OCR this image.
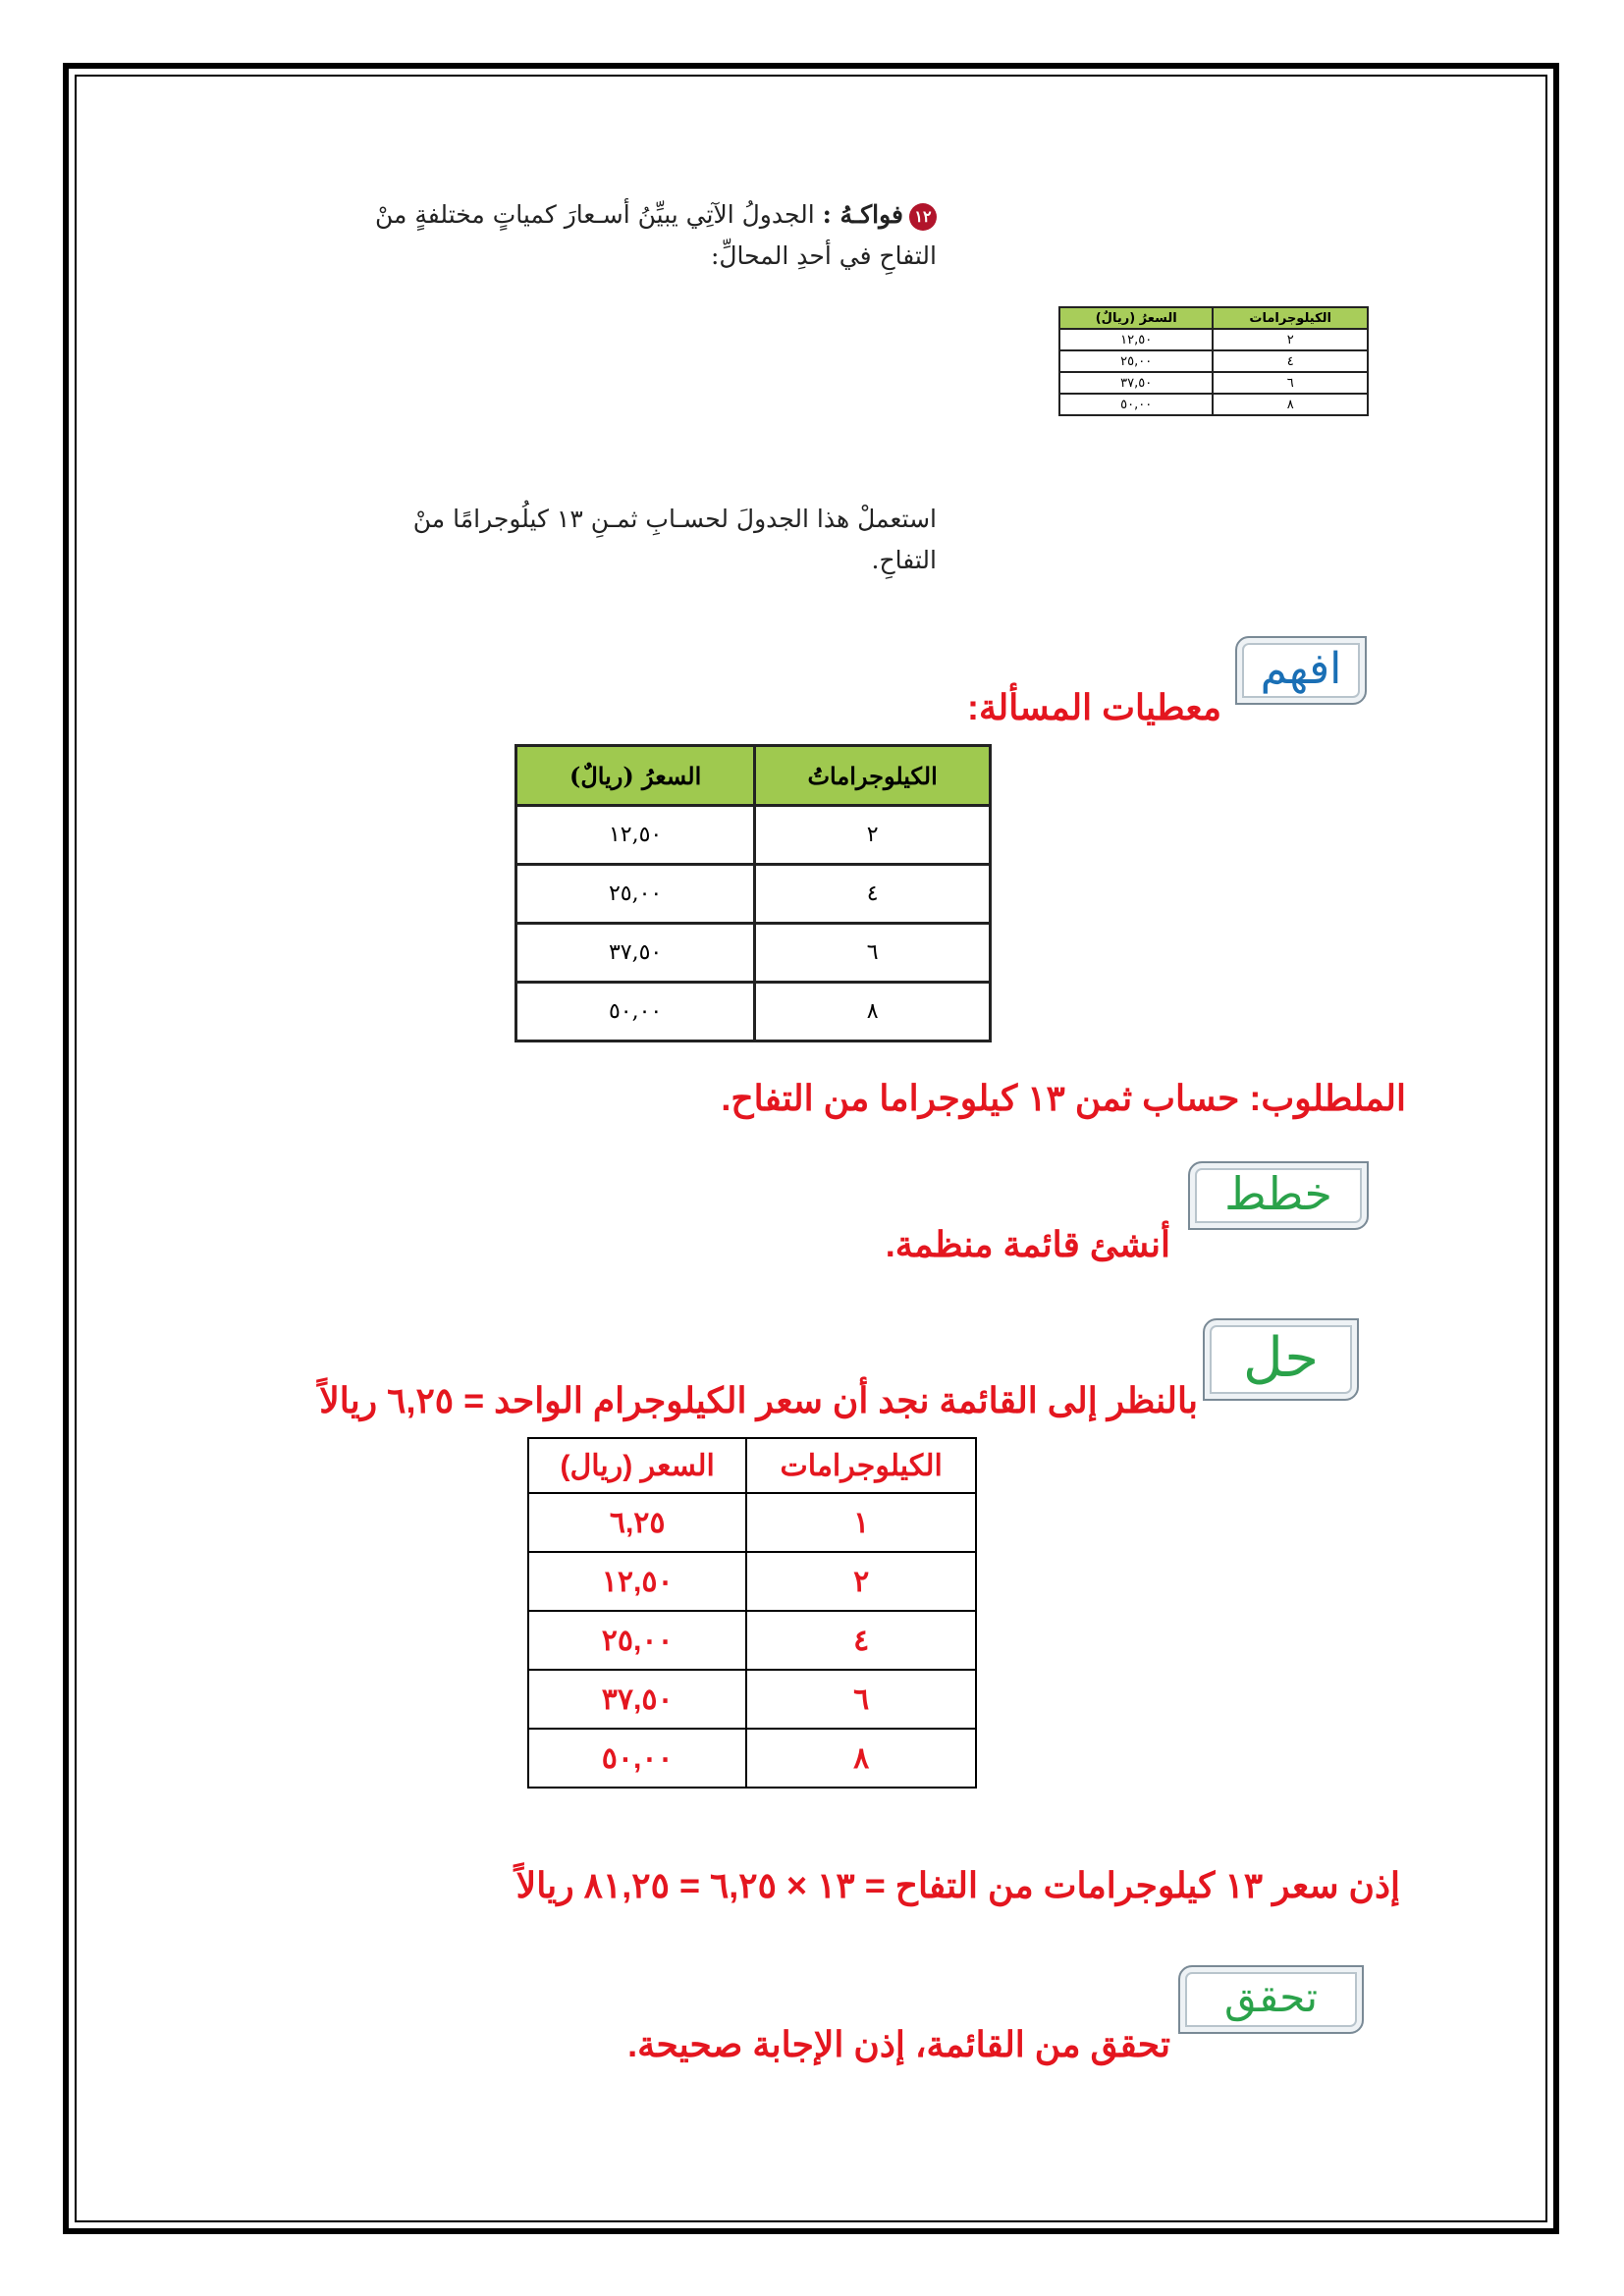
١٢فواكـهُ : الجدولُ الآتِي يبيِّنُ أسـعارَ كمياتٍ مختلفةٍ منْ
التفاحِ في أحدِ المحالِّ:
السعرُ (ريالٌ)	الكيلوجرامات
١٢,٥٠	٢
٢٥,٠٠	٤
٣٧,٥٠	٦
٥٠,٠٠	٨
استعملْ هذا الجدولَ لحسـابِ ثمـنِ ١٣ كيلُوجرامًا منْ
التفاحِ.
افهم
معطيات المسألة:
السعرُ (ريالٌ)	الكيلوجراماتُ
١٢,٥٠	٢
٢٥,٠٠	٤
٣٧,٥٠	٦
٥٠,٠٠	٨
الملطلوب: حساب ثمن ١٣ كيلوجراما من التفاح.
خطط
أنشئ قائمة منظمة.
حل
بالنظر إلى القائمة نجد أن سعر الكيلوجرام الواحد = ٦,٢٥ ريالاً
السعر (ريال)	الكيلوجرامات
٦,٢٥	١
١٢,٥٠	٢
٢٥,٠٠	٤
٣٧,٥٠	٦
٥٠,٠٠	٨
إذن سعر ١٣ كيلوجرامات من التفاح = ١٣ × ٦,٢٥ = ٨١,٢٥ ريالاً
تحقق
تحقق من القائمة، إذن الإجابة صحيحة.
